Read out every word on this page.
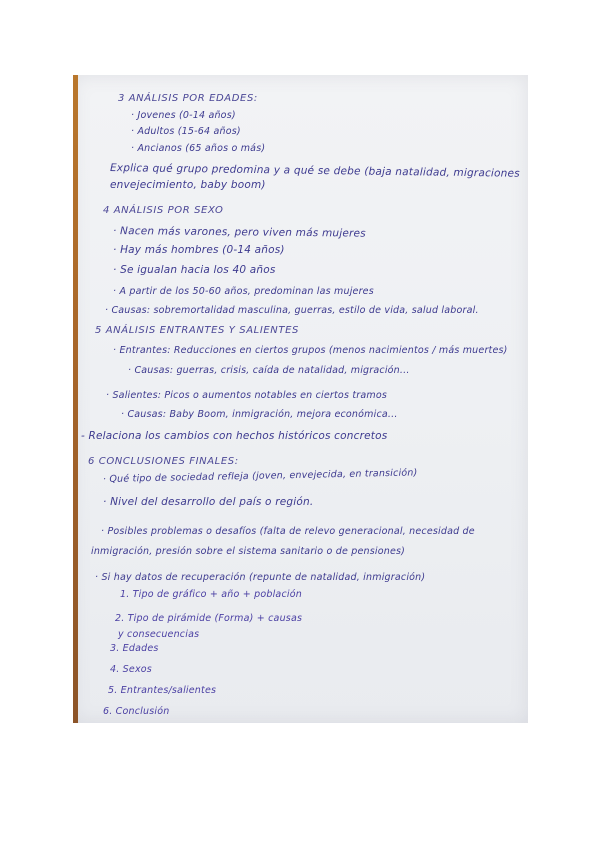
3 ANÁLISIS POR EDADES:
· Jovenes (0-14 años)
· Adultos (15-64 años)
· Ancianos (65 años o más)
Explica qué grupo predomina y a qué se debe (baja natalidad, migraciones
envejecimiento, baby boom)
4 ANÁLISIS POR SEXO
· Nacen más varones, pero viven más mujeres
· Hay más hombres (0-14 años)
· Se igualan hacia los 40 años
· A partir de los 50-60 años, predominan las mujeres
· Causas: sobremortalidad masculina, guerras, estilo de vida, salud laboral.
5 ANÁLISIS ENTRANTES Y SALIENTES
· Entrantes: Reducciones en ciertos grupos (menos nacimientos / más muertes)
· Causas: guerras, crisis, caída de natalidad, migración...
· Salientes: Picos o aumentos notables en ciertos tramos
· Causas: Baby Boom, inmigración, mejora económica...
- Relaciona los cambios con hechos históricos concretos
6 CONCLUSIONES FINALES:
· Qué tipo de sociedad refleja (joven, envejecida, en transición)
· Nivel del desarrollo del país o región.
· Posibles problemas o desafíos (falta de relevo generacional, necesidad de
inmigración, presión sobre el sistema sanitario o de pensiones)
· Si hay datos de recuperación (repunte de natalidad, inmigración)
1. Tipo de gráfico + año + población
2. Tipo de pirámide (Forma) + causas
y consecuencias
3. Edades
4. Sexos
5. Entrantes/salientes
6. Conclusión
